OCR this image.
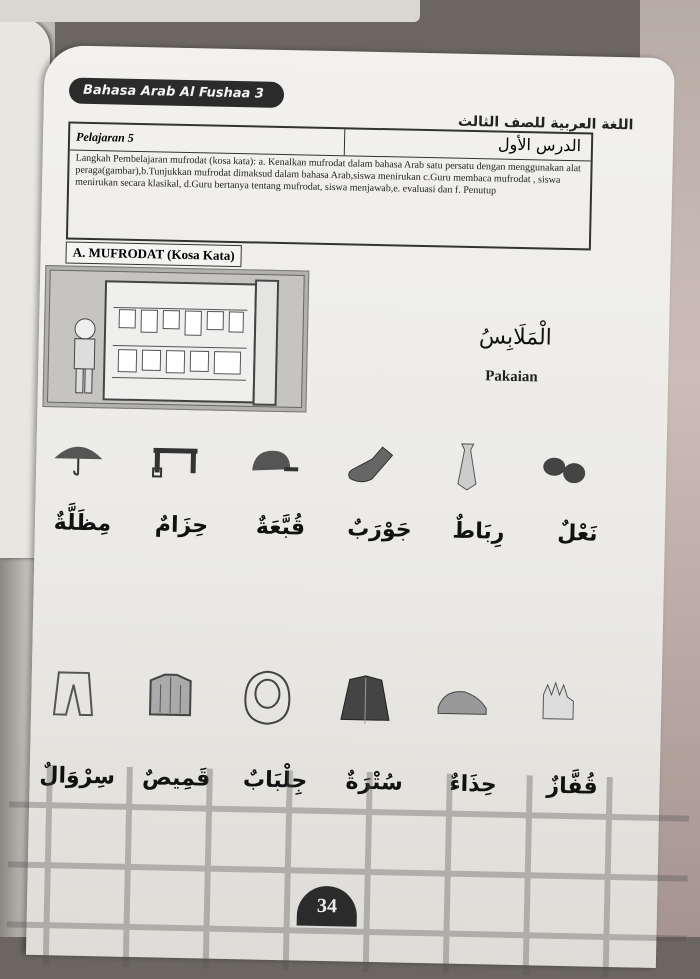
Bahasa Arab Al Fushaa 3
اللغة العربية للصف الثالث
Pelajaran 5	الدرس الأول
Langkah Pembelajaran mufrodat (kosa kata): a. Kenalkan mufrodat dalam bahasa Arab satu persatu dengan menggunakan alat peraga(gambar),b.Tunjukkan mufrodat dimaksud dalam bahasa Arab,siswa menirukan c.Guru membaca mufrodat , siswa menirukan secara klasikal, d.Guru bertanya tentang mufrodat, siswa menjawab,e. evaluasi dan f. Penutup
A. MUFRODAT (Kosa Kata)
الْمَلَابِسُ
Pakaian
مِظَلَّةٌ	حِزَامٌ	قُبَّعَةٌ	جَوْرَبٌ	رِبَاطٌ	نَعْلٌ
سِرْوَالٌ	قَمِيصٌ	جِلْبَابٌ	سُتْرَةٌ	حِذَاءٌ	قُفَّازٌ
34
